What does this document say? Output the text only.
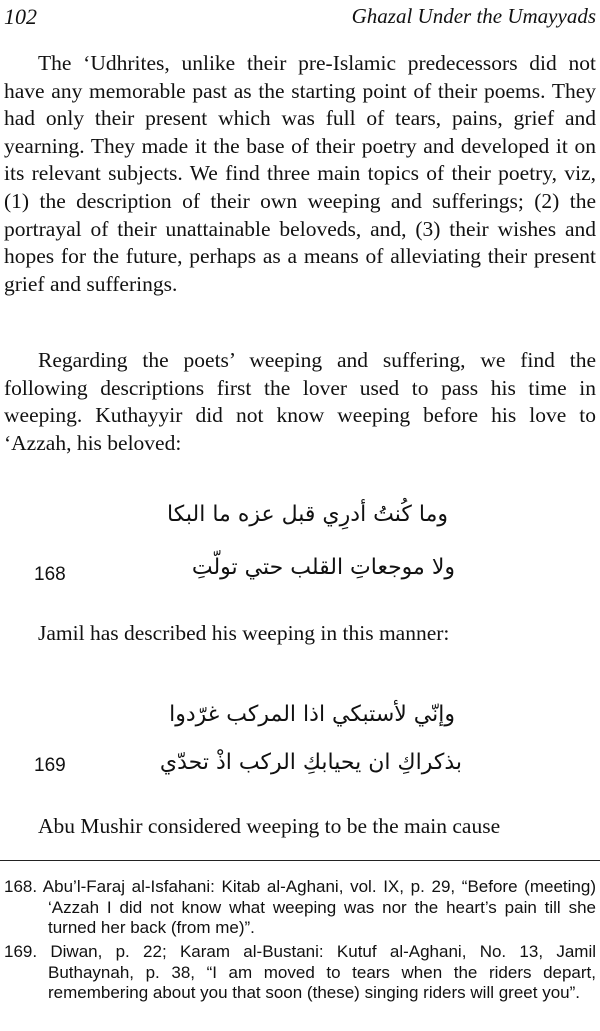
102	Ghazal Under the Umayyads

The ‘Udhrites, unlike their pre-Islamic predecessors did not have any memorable past as the starting point of their poems. They had only their present which was full of tears, pains, grief and yearning. They made it the base of their poetry and developed it on its relevant subjects. We find three main topics of their poetry, viz, (1) the description of their own weeping and sufferings; (2) the portrayal of their unattainable beloveds, and, (3) their wishes and hopes for the future, perhaps as a means of alleviating their present grief and sufferings.

Regarding the poets’ weeping and suffering, we find the following descriptions first the lover used to pass his time in weeping. Kuthayyir did not know weeping before his love to ‘Azzah, his beloved:

وما كُنتُ أدرِي قبل عزه ما البكا
168	ولا موجعاتِ القلب حتي تولّتِ

Jamil has described his weeping in this manner:

وإنّي لأستبكي اذا المركب غرّدوا
169	بذكراكِ ان يحيابكِ الركب اذْ تحدّي

Abu Mushir considered weeping to be the main cause

168. Abu’l-Faraj al-Isfahani: Kitab al-Aghani, vol. IX, p. 29, “Before (meeting) ‘Azzah I did not know what weeping was nor the heart’s pain till she turned her back (from me)”.

169. Diwan, p. 22; Karam al-Bustani: Kutuf al-Aghani, No. 13, Jamil Buthaynah, p. 38, “I am moved to tears when the riders depart, remembering about you that soon (these) singing riders will greet you”.
